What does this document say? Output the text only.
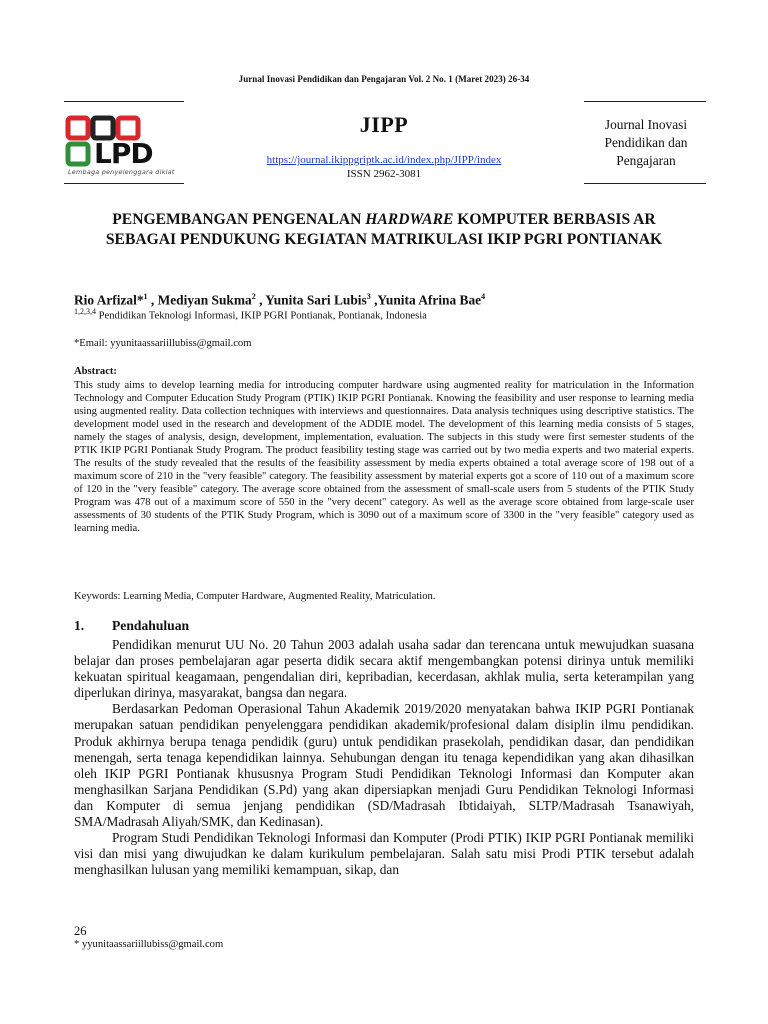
Jurnal Inovasi Pendidikan dan Pengajaran Vol. 2 No. 1 (Maret 2023) 26-34
LPD
Lembaga penyelenggara diklat
JIPP
https://journal.ikippgriptk.ac.id/index.php/JIPP/index
ISSN 2962-3081
Journal Inovasi Pendidikan dan Pengajaran
PENGEMBANGAN PENGENALAN HARDWARE KOMPUTER BERBASIS AR SEBAGAI PENDUKUNG KEGIATAN MATRIKULASI IKIP PGRI PONTIANAK
Rio Arfizal*$^1$ , Mediyan Sukma$^2$ , Yunita Sari Lubis$^3$ ,Yunita Afrina Bae$^4$
$^{1,2,3,4}$ Pendidikan Teknologi Informasi, IKIP PGRI Pontianak, Pontianak, Indonesia
*Email: yyunitaassariillubiss@gmail.com
Abstract:
This study aims to develop learning media for introducing computer hardware using augmented reality for matriculation in the Information Technology and Computer Education Study Program (PTIK) IKIP PGRI Pontianak. Knowing the feasibility and user response to learning media using augmented reality. Data collection techniques with interviews and questionnaires. Data analysis techniques using descriptive statistics. The development model used in the research and development of the ADDIE model. The development of this learning media consists of 5 stages, namely the stages of analysis, design, development, implementation, evaluation. The subjects in this study were first semester students of the PTIK IKIP PGRI Pontianak Study Program. The product feasibility testing stage was carried out by two media experts and two material experts. The results of the study revealed that the results of the feasibility assessment by media experts obtained a total average score of 198 out of a maximum score of 210 in the "very feasible" category. The feasibility assessment by material experts got a score of 110 out of a maximum score of 120 in the "very feasible" category. The average score obtained from the assessment of small-scale users from 5 students of the PTIK Study Program was 478 out of a maximum score of 550 in the "very decent" category. As well as the average score obtained from large-scale user assessments of 30 students of the PTIK Study Program, which is 3090 out of a maximum score of 3300 in the "very feasible" category used as learning media.
Keywords: Learning Media, Computer Hardware, Augmented Reality, Matriculation.
1. Pendahuluan

Pendidikan menurut UU No. 20 Tahun 2003 adalah usaha sadar dan terencana untuk mewujudkan suasana belajar dan proses pembelajaran agar peserta didik secara aktif mengembangkan potensi dirinya untuk memiliki kekuatan spiritual keagamaan, pengendalian diri, kepribadian, kecerdasan, akhlak mulia, serta keterampilan yang diperlukan dirinya, masyarakat, bangsa dan negara.

Berdasarkan Pedoman Operasional Tahun Akademik 2019/2020 menyatakan bahwa IKIP PGRI Pontianak merupakan satuan pendidikan penyelenggara pendidikan akademik/profesional dalam disiplin ilmu pendidikan. Produk akhirnya berupa tenaga pendidik (guru) untuk pendidikan prasekolah, pendidikan dasar, dan pendidikan menengah, serta tenaga kependidikan lainnya. Sehubungan dengan itu tenaga kependidikan yang akan dihasilkan oleh IKIP PGRI Pontianak khususnya Program Studi Pendidikan Teknologi Informasi dan Komputer akan menghasilkan Sarjana Pendidikan (S.Pd) yang akan dipersiapkan menjadi Guru Pendidikan Teknologi Informasi dan Komputer di semua jenjang pendidikan (SD/Madrasah Ibtidaiyah, SLTP/Madrasah Tsanawiyah, SMA/Madrasah Aliyah/SMK, dan Kedinasan).

Program Studi Pendidikan Teknologi Informasi dan Komputer (Prodi PTIK) IKIP PGRI Pontianak memiliki visi dan misi yang diwujudkan ke dalam kurikulum pembelajaran. Salah satu misi Prodi PTIK tersebut adalah menghasilkan lulusan yang memiliki kemampuan, sikap, dan

26
* yyunitaassariillubiss@gmail.com
